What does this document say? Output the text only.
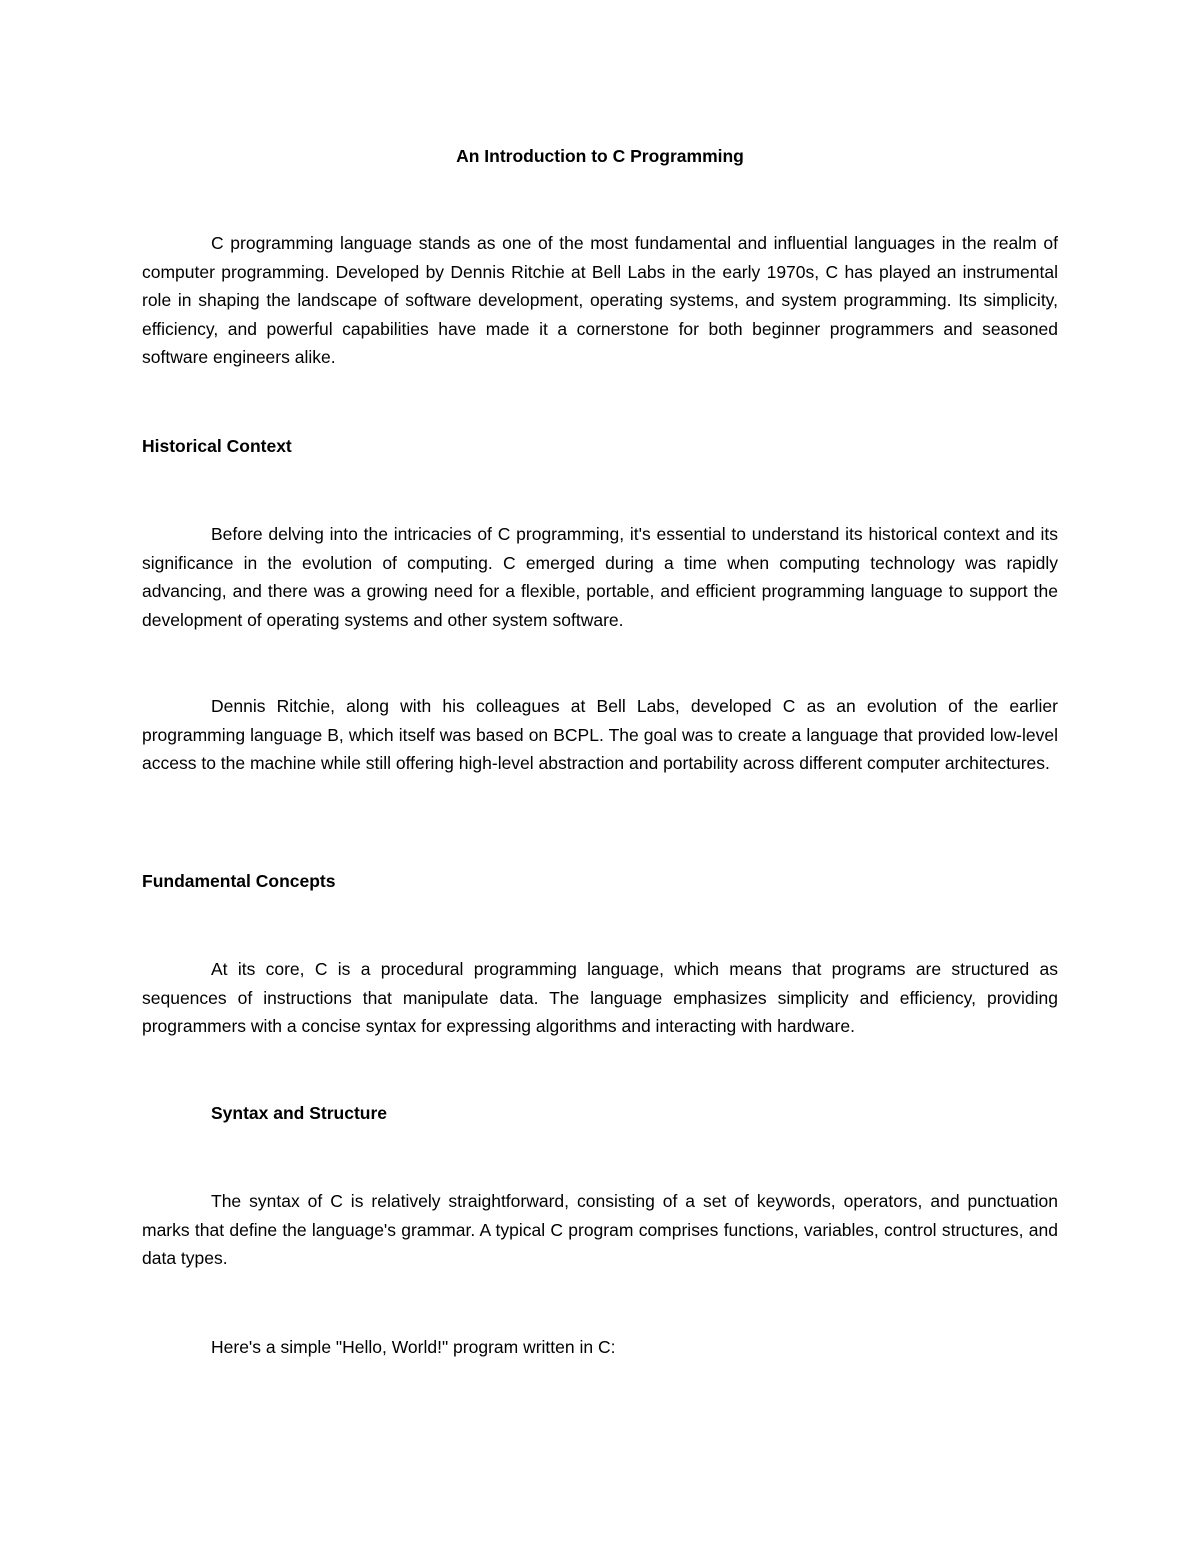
An Introduction to C Programming

C programming language stands as one of the most fundamental and influential languages in the realm of computer programming. Developed by Dennis Ritchie at Bell Labs in the early 1970s, C has played an instrumental role in shaping the landscape of software development, operating systems, and system programming. Its simplicity, efficiency, and powerful capabilities have made it a cornerstone for both beginner programmers and seasoned software engineers alike.

Historical Context

Before delving into the intricacies of C programming, it's essential to understand its historical context and its significance in the evolution of computing. C emerged during a time when computing technology was rapidly advancing, and there was a growing need for a flexible, portable, and efficient programming language to support the development of operating systems and other system software.

Dennis Ritchie, along with his colleagues at Bell Labs, developed C as an evolution of the earlier programming language B, which itself was based on BCPL. The goal was to create a language that provided low-level access to the machine while still offering high-level abstraction and portability across different computer architectures.

Fundamental Concepts

At its core, C is a procedural programming language, which means that programs are structured as sequences of instructions that manipulate data. The language emphasizes simplicity and efficiency, providing programmers with a concise syntax for expressing algorithms and interacting with hardware.

Syntax and Structure

The syntax of C is relatively straightforward, consisting of a set of keywords, operators, and punctuation marks that define the language's grammar. A typical C program comprises functions, variables, control structures, and data types.

Here's a simple "Hello, World!" program written in C:
